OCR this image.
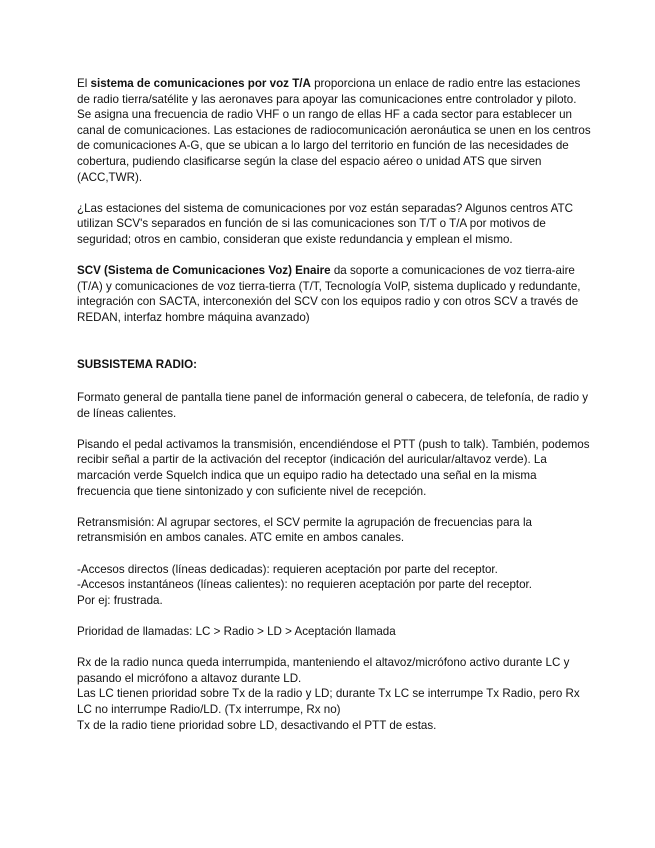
El sistema de comunicaciones por voz T/A proporciona un enlace de radio entre las estaciones de radio tierra/satélite y las aeronaves para apoyar las comunicaciones entre controlador y piloto. Se asigna una frecuencia de radio VHF o un rango de ellas HF a cada sector para establecer un canal de comunicaciones. Las estaciones de radiocomunicación aeronáutica se unen en los centros de comunicaciones A-G, que se ubican a lo largo del territorio en función de las necesidades de cobertura, pudiendo clasificarse según la clase del espacio aéreo o unidad ATS que sirven (ACC,TWR).

¿Las estaciones del sistema de comunicaciones por voz están separadas? Algunos centros ATC utilizan SCV's separados en función de si las comunicaciones son T/T o T/A por motivos de seguridad; otros en cambio, consideran que existe redundancia y emplean el mismo.

SCV (Sistema de Comunicaciones Voz) Enaire da soporte a comunicaciones de voz tierra-aire (T/A) y comunicaciones de voz tierra-tierra (T/T, Tecnología VoIP, sistema duplicado y redundante, integración con SACTA, interconexión del SCV con los equipos radio y con otros SCV a través de REDAN, interfaz hombre máquina avanzado)

SUBSISTEMA RADIO:

Formato general de pantalla tiene panel de información general o cabecera, de telefonía, de radio y de líneas calientes.

Pisando el pedal activamos la transmisión, encendiéndose el PTT (push to talk). También, podemos recibir señal a partir de la activación del receptor (indicación del auricular/altavoz verde). La marcación verde Squelch indica que un equipo radio ha detectado una señal en la misma frecuencia que tiene sintonizado y con suficiente nivel de recepción.

Retransmisión: Al agrupar sectores, el SCV permite la agrupación de frecuencias para la retransmisión en ambos canales. ATC emite en ambos canales.

-Accesos directos (líneas dedicadas): requieren aceptación por parte del receptor.

-Accesos instantáneos (líneas calientes): no requieren aceptación por parte del receptor.

Por ej: frustrada.

Prioridad de llamadas: LC > Radio > LD > Aceptación llamada

Rx de la radio nunca queda interrumpida, manteniendo el altavoz/micrófono activo durante LC y pasando el micrófono a altavoz durante LD.

Las LC tienen prioridad sobre Tx de la radio y LD; durante Tx LC se interrumpe Tx Radio, pero Rx LC no interrumpe Radio/LD. (Tx interrumpe, Rx no)

Tx de la radio tiene prioridad sobre LD, desactivando el PTT de estas.
